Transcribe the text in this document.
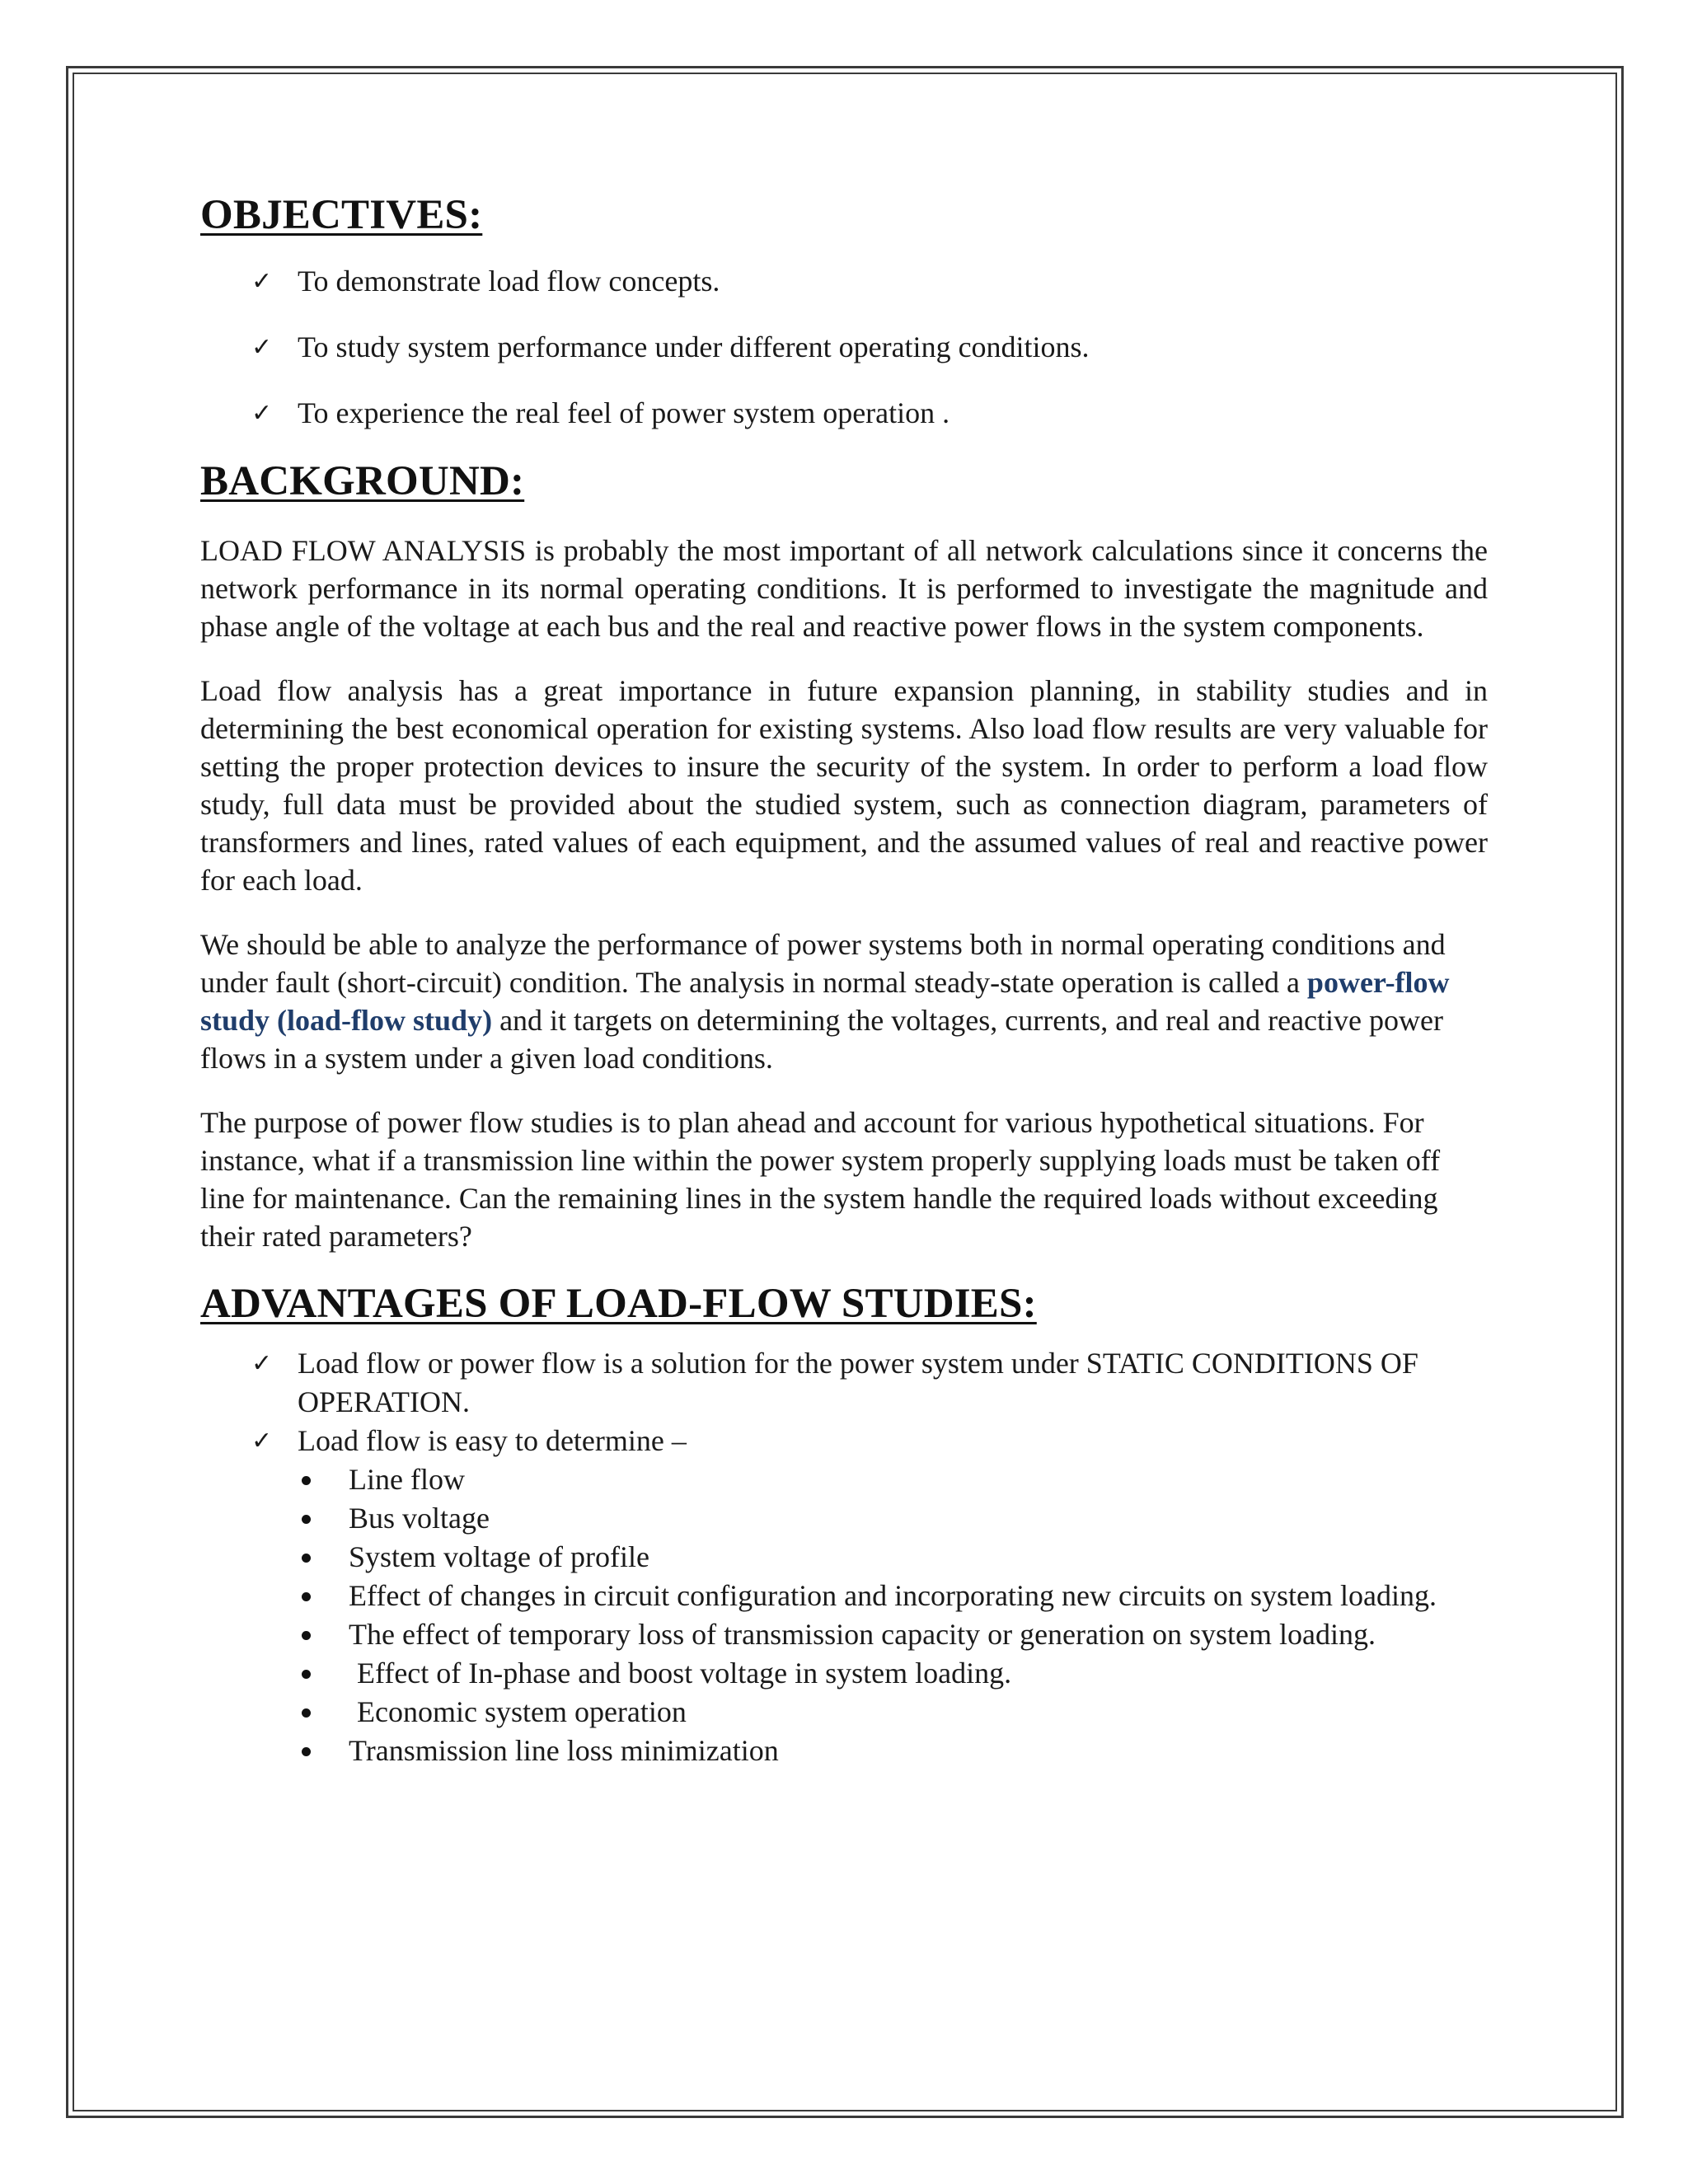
OBJECTIVES:
✓ To demonstrate load flow concepts.
✓ To study system performance under different operating conditions.
✓ To experience the real feel of power system operation .
BACKGROUND:

LOAD FLOW ANALYSIS is probably the most important of all network calculations since it concerns the network performance in its normal operating conditions. It is performed to investigate the magnitude and phase angle of the voltage at each bus and the real and reactive power flows in the system components.

Load flow analysis has a great importance in future expansion planning, in stability studies and in determining the best economical operation for existing systems. Also load flow results are very valuable for setting the proper protection devices to insure the security of the system. In order to perform a load flow study, full data must be provided about the studied system, such as connection diagram, parameters of transformers and lines, rated values of each equipment, and the assumed values of real and reactive power for each load.

We should be able to analyze the performance of power systems both in normal operating conditions and under fault (short-circuit) condition. The analysis in normal steady-state operation is called a power-flow study (load-flow study) and it targets on determining the voltages, currents, and real and reactive power flows in a system under a given load conditions.

The purpose of power flow studies is to plan ahead and account for various hypothetical situations. For instance, what if a transmission line within the power system properly supplying loads must be taken off line for maintenance. Can the remaining lines in the system handle the required loads without exceeding their rated parameters?

ADVANTAGES OF LOAD-FLOW STUDIES:
✓ Load flow or power flow is a solution for the power system under STATIC CONDITIONS OF OPERATION.
✓ Load flow is easy to determine –
Line flow
Bus voltage
System voltage of profile
Effect of changes in circuit configuration and incorporating new circuits on system loading.
The effect of temporary loss of transmission capacity or generation on system loading.
Effect of In-phase and boost voltage in system loading.
Economic system operation
Transmission line loss minimization
